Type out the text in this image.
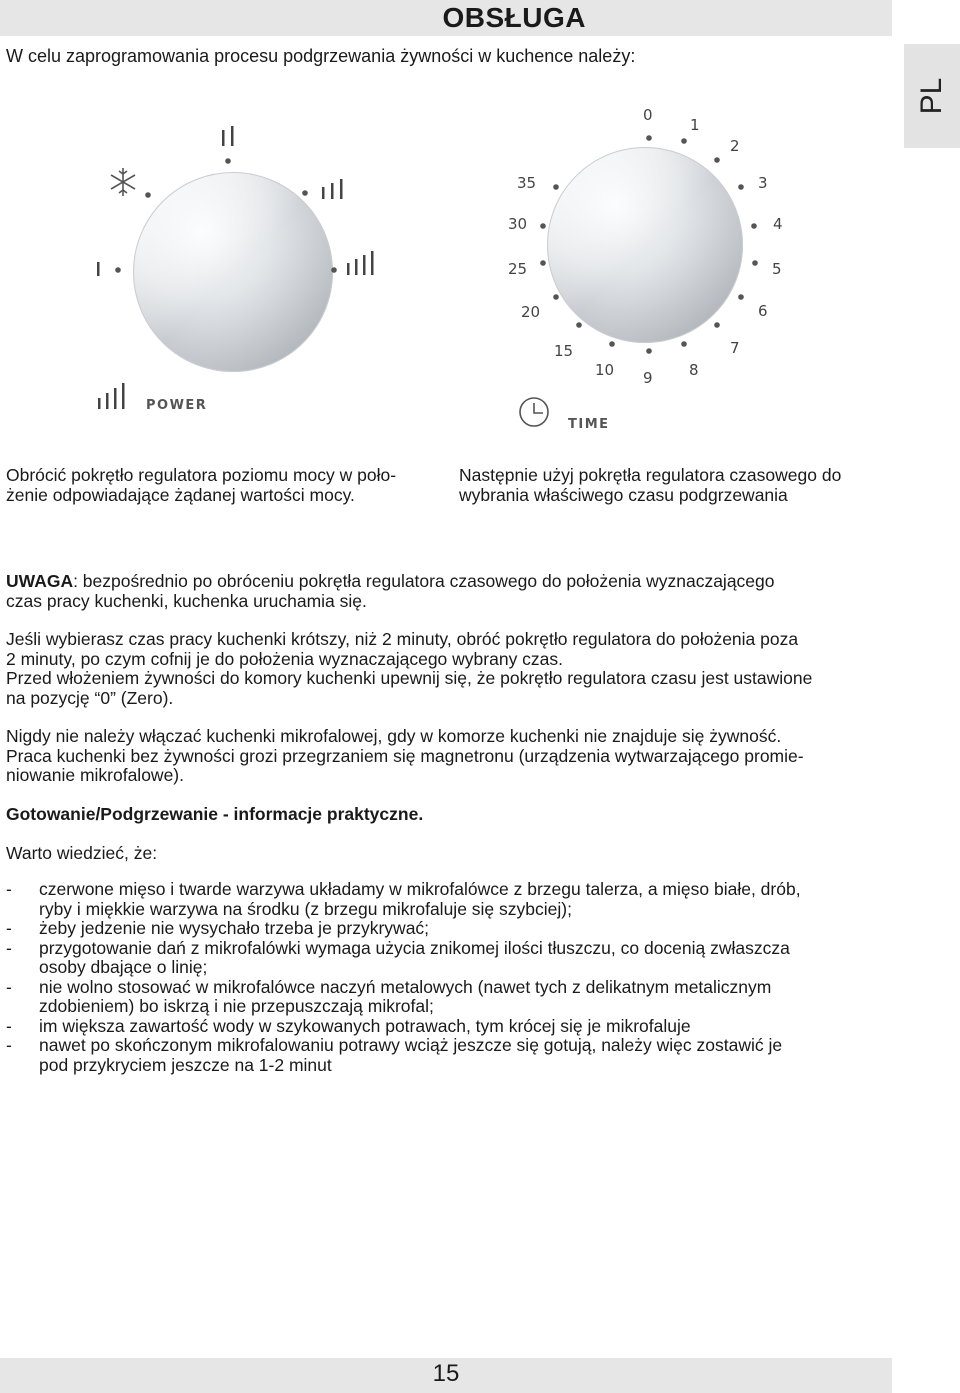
OBSŁUGA
PL
W celu zaprogramowania procesu podgrzewania żywności w kuchence należy:
POWER
0
1
2
3
4
5
6
7
8
9
10
15
20
25
30
35
TIME
Obrócić pokrętło regulatora poziomu mocy w poło-
żenie odpowiadające żądanej wartości mocy.
Następnie użyj pokrętła regulatora czasowego do
wybrania właściwego czasu podgrzewania
UWAGA: bezpośrednio po obróceniu pokrętła regulatora czasowego do położenia wyznaczającego
czas pracy kuchenki, kuchenka uruchamia się.
Jeśli wybierasz czas pracy kuchenki krótszy, niż 2 minuty, obróć pokrętło regulatora do położenia poza
2 minuty, po czym cofnij je do położenia wyznaczającego wybrany czas.
Przed włożeniem żywności do komory kuchenki upewnij się, że pokrętło regulatora czasu jest ustawione
na pozycję “0” (Zero).
Nigdy nie należy włączać kuchenki mikrofalowej, gdy w komorze kuchenki nie znajduje się żywność.
Praca kuchenki bez żywności grozi przegrzaniem się magnetronu (urządzenia wytwarzającego promie-
niowanie mikrofalowe).
Gotowanie/Podgrzewanie - informacje praktyczne.
Warto wiedzieć, że:
- czerwone mięso i twarde warzywa układamy w mikrofalówce z brzegu talerza, a mięso białe, drób,
ryby i miękkie warzywa na środku (z brzegu mikrofaluje się szybciej);
- żeby jedzenie nie wysychało trzeba je przykrywać;
- przygotowanie dań z mikrofalówki wymaga użycia znikomej ilości tłuszczu, co docenią zwłaszcza
osoby dbające o linię;
- nie wolno stosować w mikrofalówce naczyń metalowych (nawet tych z delikatnym metalicznym
zdobieniem) bo iskrzą i nie przepuszczają mikrofal;
- im większa zawartość wody w szykowanych potrawach, tym krócej się je mikrofaluje
- nawet po skończonym mikrofalowaniu potrawy wciąż jeszcze się gotują, należy więc zostawić je
pod przykryciem jeszcze na 1-2 minut
15
